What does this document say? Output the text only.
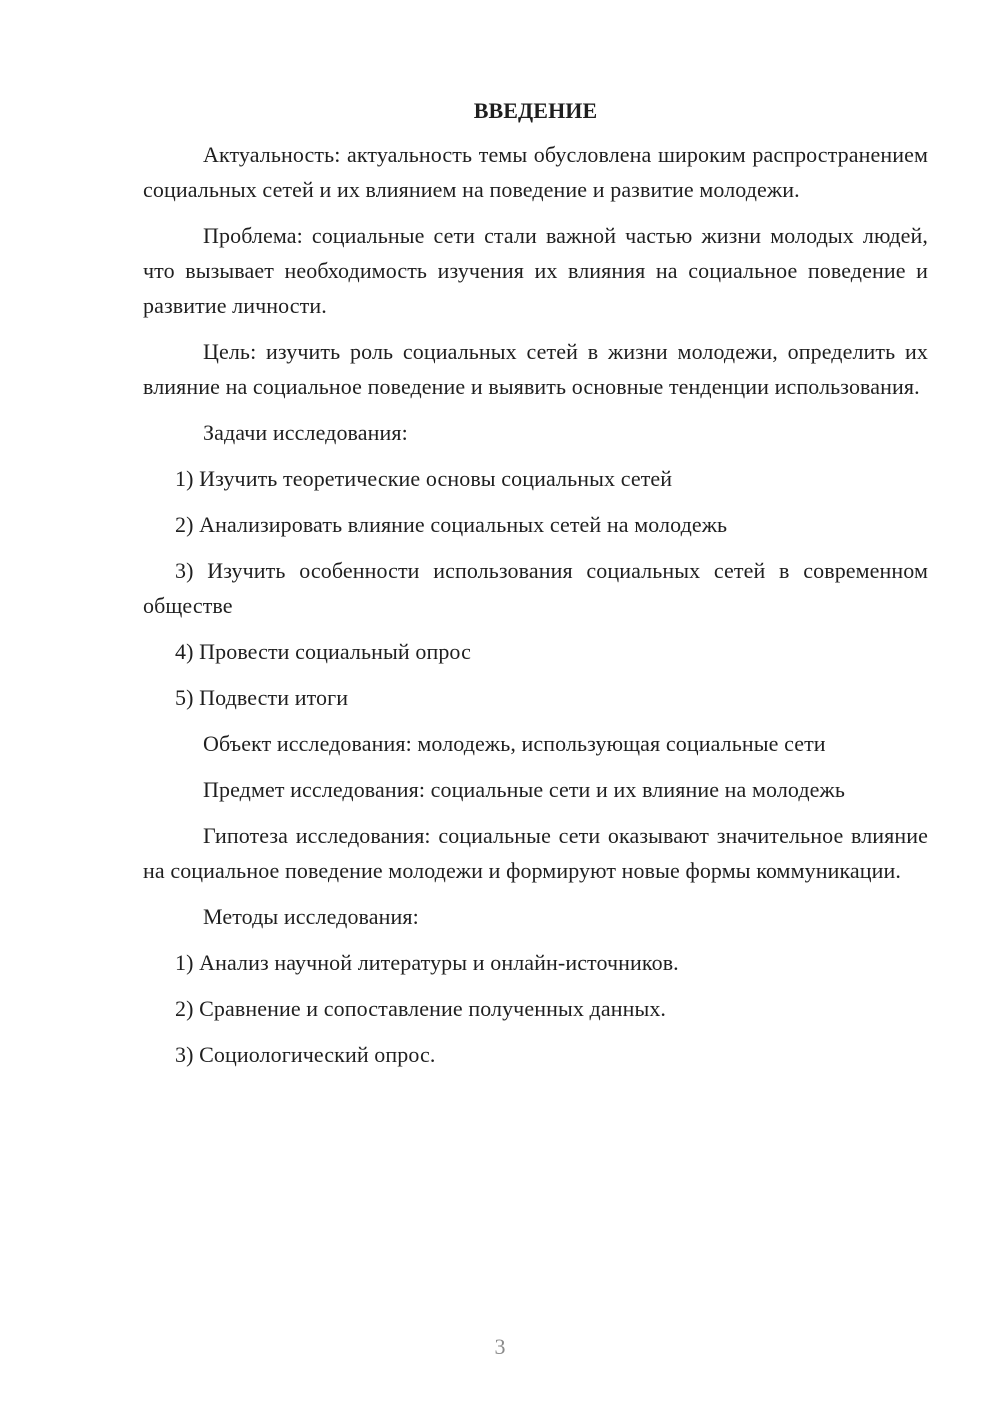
ВВЕДЕНИЕ

Актуальность: актуальность темы обусловлена широким распространением социальных сетей и их влиянием на поведение и развитие молодежи.

Проблема: социальные сети стали важной частью жизни молодых людей, что вызывает необходимость изучения их влияния на социальное поведение и развитие личности.

Цель: изучить роль социальных сетей в жизни молодежи, определить их влияние на социальное поведение и выявить основные тенденции использования.

Задачи исследования:

1) Изучить теоретические основы социальных сетей

2) Анализировать влияние социальных сетей на молодежь

3) Изучить особенности использования социальных сетей в современном обществе

4) Провести социальный опрос

5) Подвести итоги

Объект исследования: молодежь, использующая социальные сети

Предмет исследования: социальные сети и их влияние на молодежь

Гипотеза исследования: социальные сети оказывают значительное влияние на социальное поведение молодежи и формируют новые формы коммуникации.

Методы исследования:

1) Анализ научной литературы и онлайн-источников.

2) Сравнение и сопоставление полученных данных.

3) Социологический опрос.

3
